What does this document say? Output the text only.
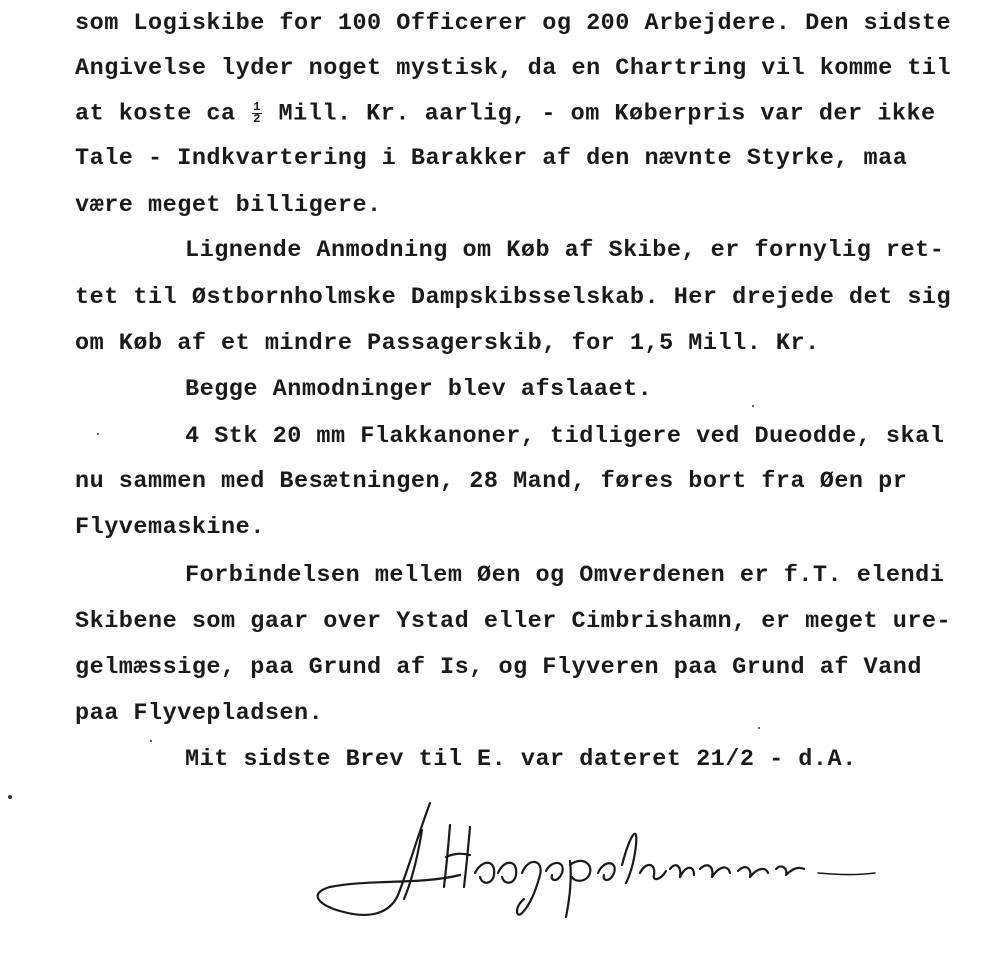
som Logiskibe for 100 Officerer og 200 Arbejdere. Den sidste
Angivelse lyder noget mystisk, da en Chartring vil komme til
at koste ca $\frac{1}{2}$ Mill. Kr. aarlig, - om Køberpris var der ikke
Tale - Indkvartering i Barakker af den nævnte Styrke, maa
være meget billigere.
Lignende Anmodning om Køb af Skibe, er fornylig ret-
tet til Østbornholmske Dampskibsselskab. Her drejede det sig
om Køb af et mindre Passagerskib, for 1,5 Mill. Kr.
Begge Anmodninger blev afslaaet.
4 Stk 20 mm Flakkanoner, tidligere ved Dueodde, skal
nu sammen med Besætningen, 28 Mand, føres bort fra Øen pr
Flyvemaskine.
Forbindelsen mellem Øen og Omverdenen er f.T. elendi
Skibene som gaar over Ystad eller Cimbrishamn, er meget ure-
gelmæssige, paa Grund af Is, og Flyveren paa Grund af Vand
paa Flyvepladsen.
Mit sidste Brev til E. var dateret 21/2 - d.A.
